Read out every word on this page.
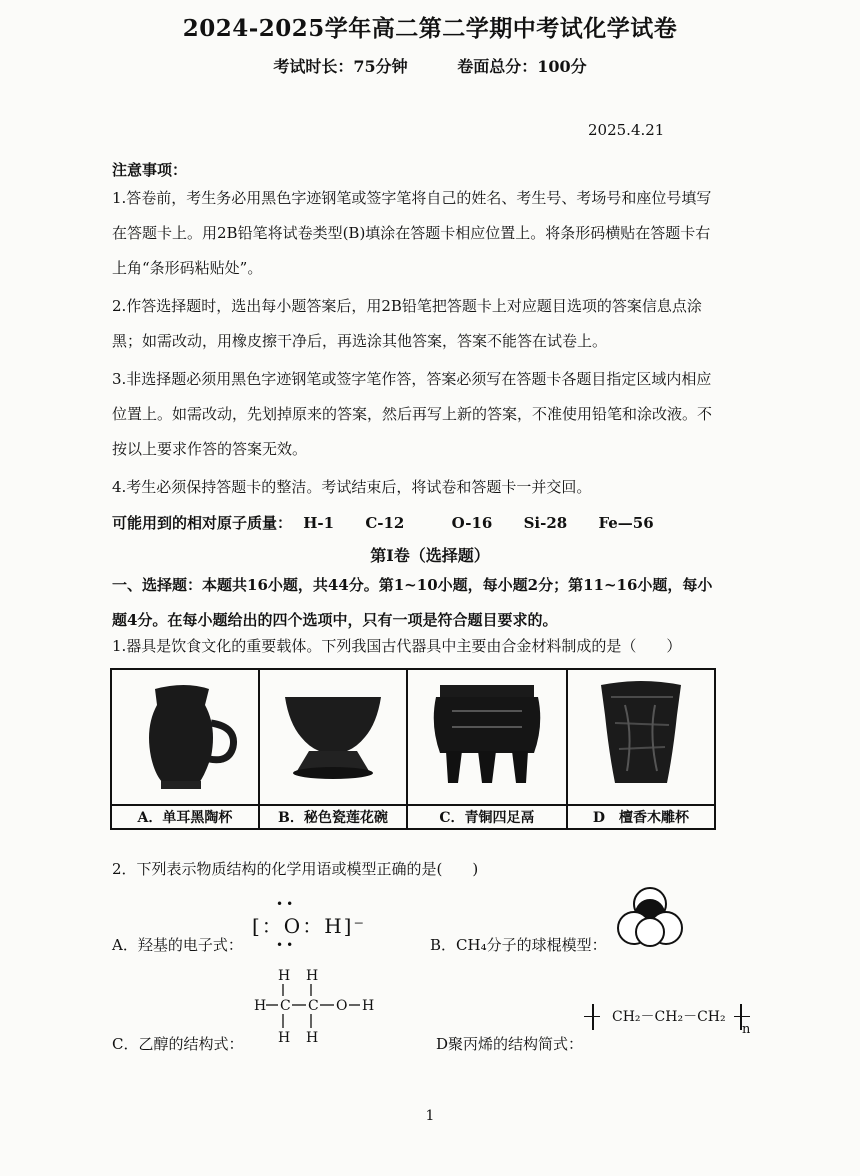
2024-2025学年高二第二学期中考试化学试卷
考试时长：75分钟	卷面总分：100分
2025.4.21
注意事项：
1.答卷前，考生务必用黑色字迹钢笔或签字笔将自己的姓名、考生号、考场号和座位号填写
在答题卡上。用2B铅笔将试卷类型(B)填涂在答题卡相应位置上。将条形码横贴在答题卡右
上角“条形码粘贴处”。
2.作答选择题时，选出每小题答案后，用2B铅笔把答题卡上对应题目选项的答案信息点涂
黑；如需改动，用橡皮擦干净后，再选涂其他答案，答案不能答在试卷上。
3.非选择题必须用黑色字迹钢笔或签字笔作答，答案必须写在答题卡各题目指定区域内相应
位置上。如需改动，先划掉原来的答案，然后再写上新的答案，不准使用铅笔和涂改液。不
按以上要求作答的答案无效。
4.考生必须保持答题卡的整洁。考试结束后，将试卷和答题卡一并交回。
可能用到的相对原子质量： H-1 C-12	O-16 Si-28 Fe—56
第Ⅰ卷（选择题）
一、选择题：本题共16小题，共44分。第1~10小题，每小题2分；第11~16小题，每小
题4分。在每小题给出的四个选项中，只有一项是符合题目要求的。
1.器具是饮食文化的重要载体。下列我国古代器具中主要由合金材料制成的是（　　）

A．单耳黑陶杯	B．秘色瓷莲花碗	C．青铜四足鬲	D　檀香木雕杯
2．下列表示物质结构的化学用语或模型正确的是(　　)
A．羟基的电子式：
[：O：H]⁻
••
••	B．CH₄分子的球棍模型：
C．乙醇的结构式：
H H
H C C O H
H H	D聚丙烯的结构简式：
CH₂－CH₂－CH₂
n
1
